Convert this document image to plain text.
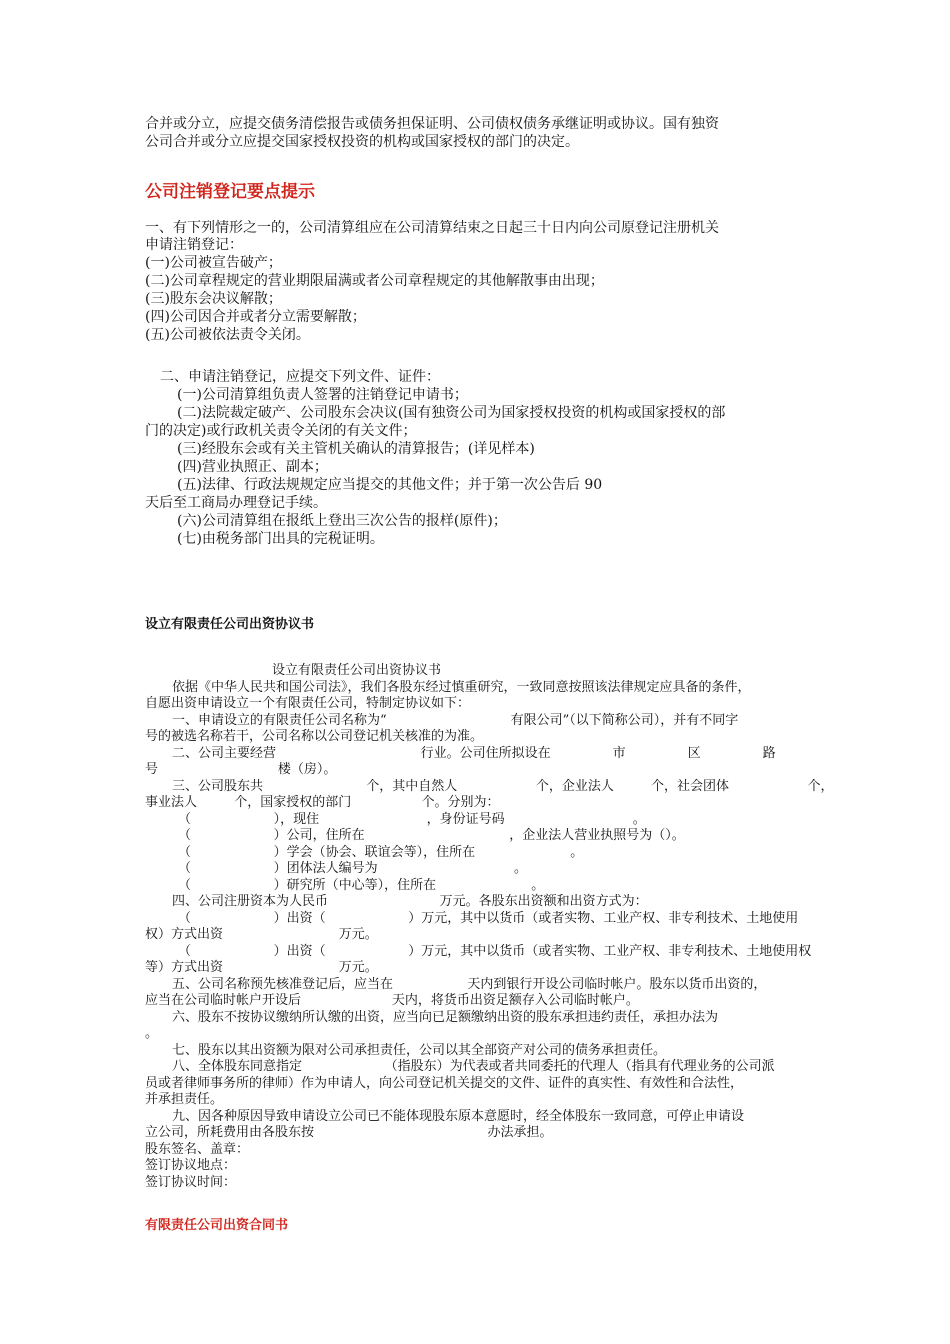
合并或分立，应提交债务清偿报告或债务担保证明、公司债权债务承继证明或协议。国有独资
公司合并或分立应提交国家授权投资的机构或国家授权的部门的决定。
公司注销登记要点提示
一、有下列情形之一的，公司清算组应在公司清算结束之日起三十日内向公司原登记注册机关
申请注销登记：
(一)公司被宣告破产；
(二)公司章程规定的营业期限届满或者公司章程规定的其他解散事由出现；
(三)股东会决议解散；
(四)公司因合并或者分立需要解散；
(五)公司被依法责令关闭。
二、申请注销登记，应提交下列文件、证件：
(一)公司清算组负责人签署的注销登记申请书；
(二)法院裁定破产、公司股东会决议(国有独资公司为国家授权投资的机构或国家授权的部
门的决定)或行政机关责令关闭的有关文件；
(三)经股东会或有关主管机关确认的清算报告；(详见样本)
(四)营业执照正、副本；
(五)法律、行政法规规定应当提交的其他文件；并于第一次公告后 90
天后至工商局办理登记手续。
(六)公司清算组在报纸上登出三次公告的报样(原件)；
(七)由税务部门出具的完税证明。
设立有限责任公司出资协议书
设立有限责任公司出资协议书
依据《中华人民共和国公司法》，我们各股东经过慎重研究，一致同意按照该法律规定应具备的条件，
自愿出资申请设立一个有限责任公司，特制定协议如下：
一、申请设立的有限责任公司名称为“                              有限公司”（以下简称公司），并有不同字
号的被选名称若干，公司名称以公司登记机关核准的为准。
二、公司主要经营                                   行业。公司住所拟设在               市               区               路
号                             楼（房）。
三、公司股东共                         个，其中自然人                   个，企业法人         个，社会团体                   个，
事业法人         个，国家授权的部门                 个。分别为：
（                    ），现住                          ，身份证号码                               。
（                    ）公司，住所在                                   ，企业法人营业执照号为（）。
（                    ）学会（协会、联谊会等），住所在                       。
（                    ）团体法人编号为                                 。
（                    ）研究所（中心等），住所在                       。
四、公司注册资本为人民币                           万元。各股东出资额和出资方式为：
（                    ）出资（                    ）万元，其中以货币（或者实物、工业产权、非专利技术、土地使用
权）方式出资                            万元。
（                    ）出资（                    ）万元，其中以货币（或者实物、工业产权、非专利技术、土地使用权
等）方式出资                            万元。
五、公司名称预先核准登记后，应当在                  天内到银行开设公司临时帐户。股东以货币出资的，
应当在公司临时帐户开设后                      天内，将货币出资足额存入公司临时帐户。
六、股东不按协议缴纳所认缴的出资，应当向已足额缴纳出资的股东承担违约责任，承担办法为
。
七、股东以其出资额为限对公司承担责任，公司以其全部资产对公司的债务承担责任。
八、全体股东同意指定                    （指股东）为代表或者共同委托的代理人（指具有代理业务的公司派
员或者律师事务所的律师）作为申请人，向公司登记机关提交的文件、证件的真实性、有效性和合法性，
并承担责任。
九、因各种原因导致申请设立公司已不能体现股东原本意愿时，经全体股东一致同意，可停止申请设
立公司，所耗费用由各股东按                                          办法承担。
股东签名、盖章：
签订协议地点：
签订协议时间：
有限责任公司出资合同书
